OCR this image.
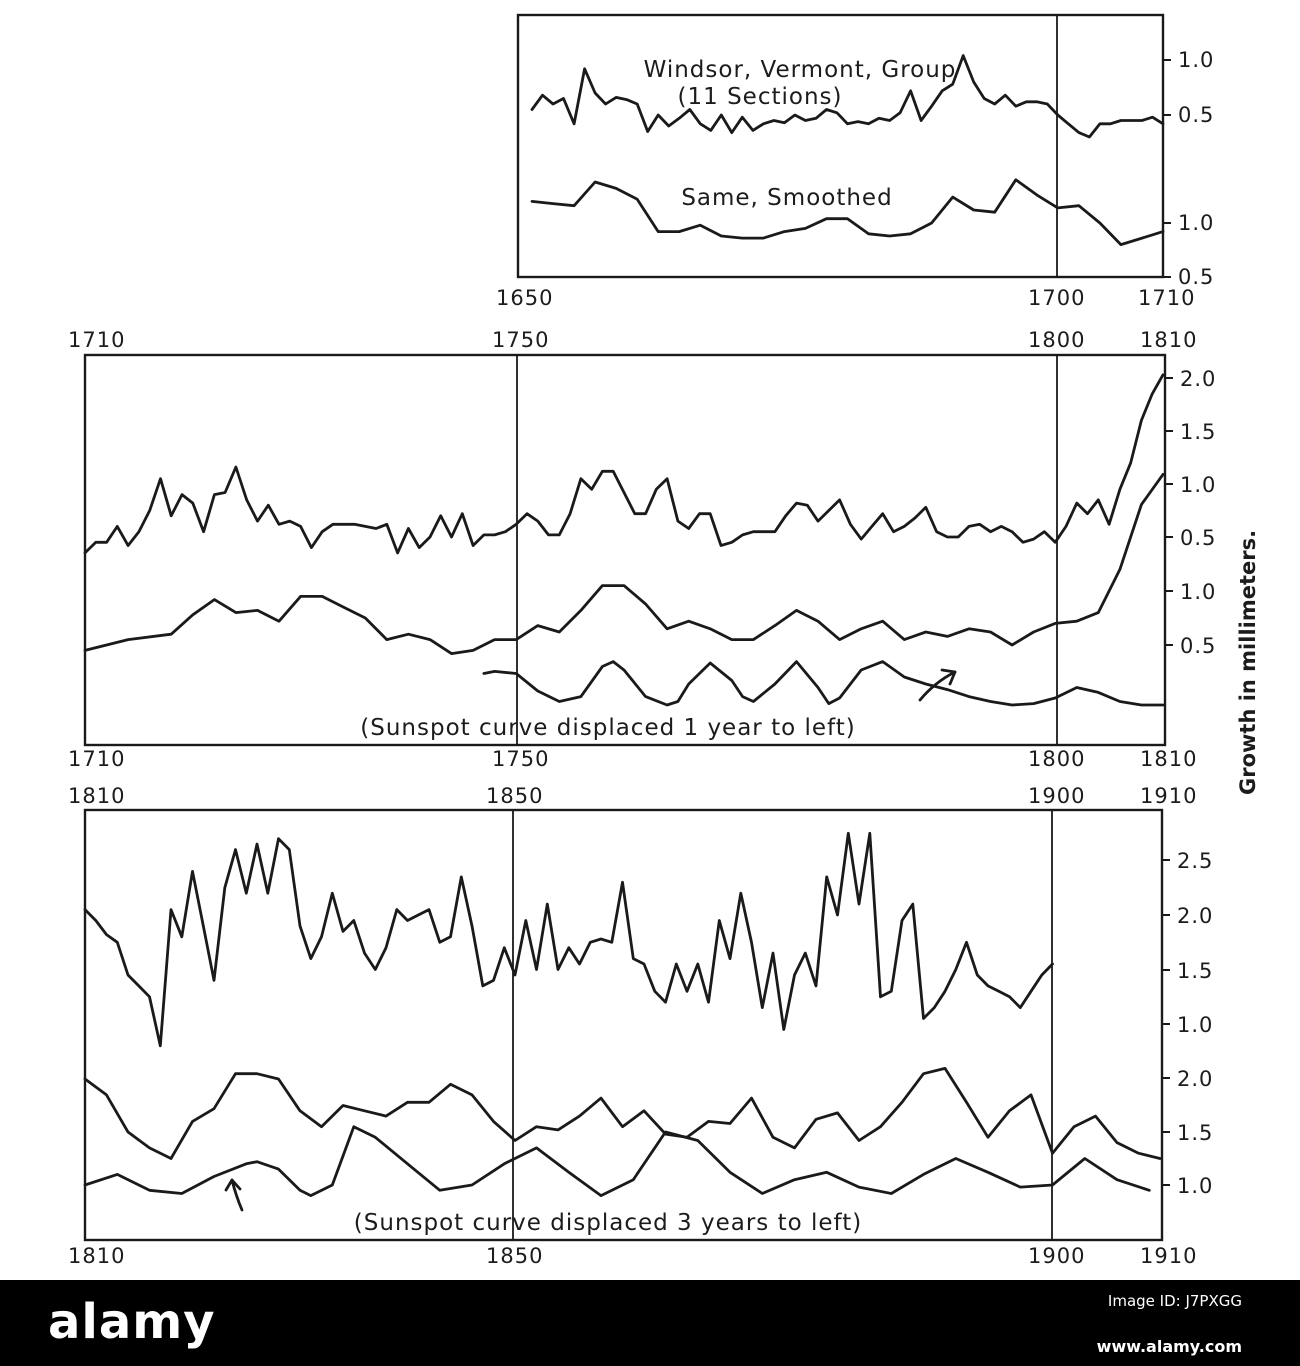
1.0
0.5
1.0
0.5
1650	1700	1710
Windsor, Vermont, Group
(11 Sections)
Same, Smoothed
2.0
1.5
1.0
0.5
1.0
0.5
1710	1750	1800	1810
1710	1750	1800	1810
(Sunspot curve displaced 1 year to left)
2.5
2.0
1.5
1.0
2.0
1.5
1.0
1810	1850	1900	1910
1810	1850	1900	1910
(Sunspot curve displaced 3 years to left)
Growth in millimeters.
alamy	Image ID: J7PXGG
www.alamy.com
